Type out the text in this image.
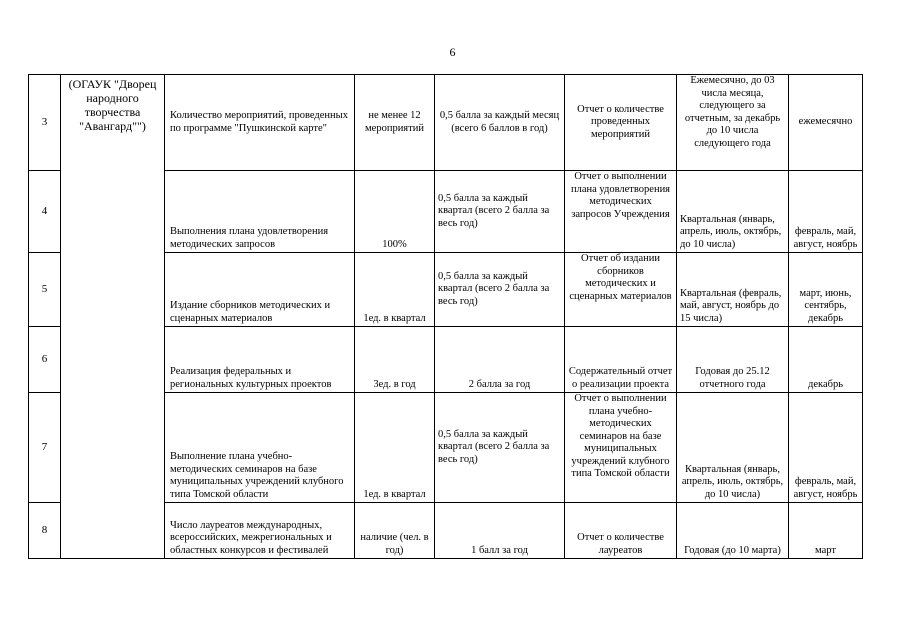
6
3	(ОГАУК "Дворец народного творчества "Авангард"")	Количество мероприятий, проведенных по программе "Пушкинской карте"	не менее 12 мероприятий	0,5 балла за каждый месяц (всего 6 баллов в год)	Отчет о количестве проведенных мероприятий	Ежемесячно, до 03 числа месяца, следующего за отчетным, за декабрь до 10 числа следующего года	ежемесячно
4		Выполнения плана удовлетворения методических запросов	100%	0,5 балла за каждый квартал (всего 2 балла за весь год)	Отчет о выполнении плана удовлетворения методических запросов Учреждения	Квартальная (январь, апрель, июль, октябрь, до 10 числа)	февраль, май, август, ноябрь
5		Издание сборников методических и сценарных материалов	1ед. в квартал	0,5 балла за каждый квартал (всего 2 балла за весь год)	Отчет об издании сборников методических и сценарных материалов	Квартальная (февраль, май, август, ноябрь до 15 числа)	март, июнь, сентябрь, декабрь
6		Реализация федеральных и региональных культурных проектов	3ед. в год	2 балла за год	Содержательный отчет о реализации проекта	Годовая до 25.12 отчетного года	декабрь
7		Выполнение плана учебно-методических семинаров на базе муниципальных учреждений клубного типа Томской области	1ед. в квартал	0,5 балла за каждый квартал (всего 2 балла за весь год)	Отчет о выполнении плана учебно-методических семинаров на базе муниципальных учреждений клубного типа Томской области	Квартальная (январь, апрель, июль, октябрь, до 10 числа)	февраль, май, август, ноябрь
8		Число лауреатов международных, всероссийских, межрегиональных и областных конкурсов и фестивалей	наличие (чел. в год)	1 балл за год	Отчет о количестве лауреатов	Годовая (до 10 марта)	март
